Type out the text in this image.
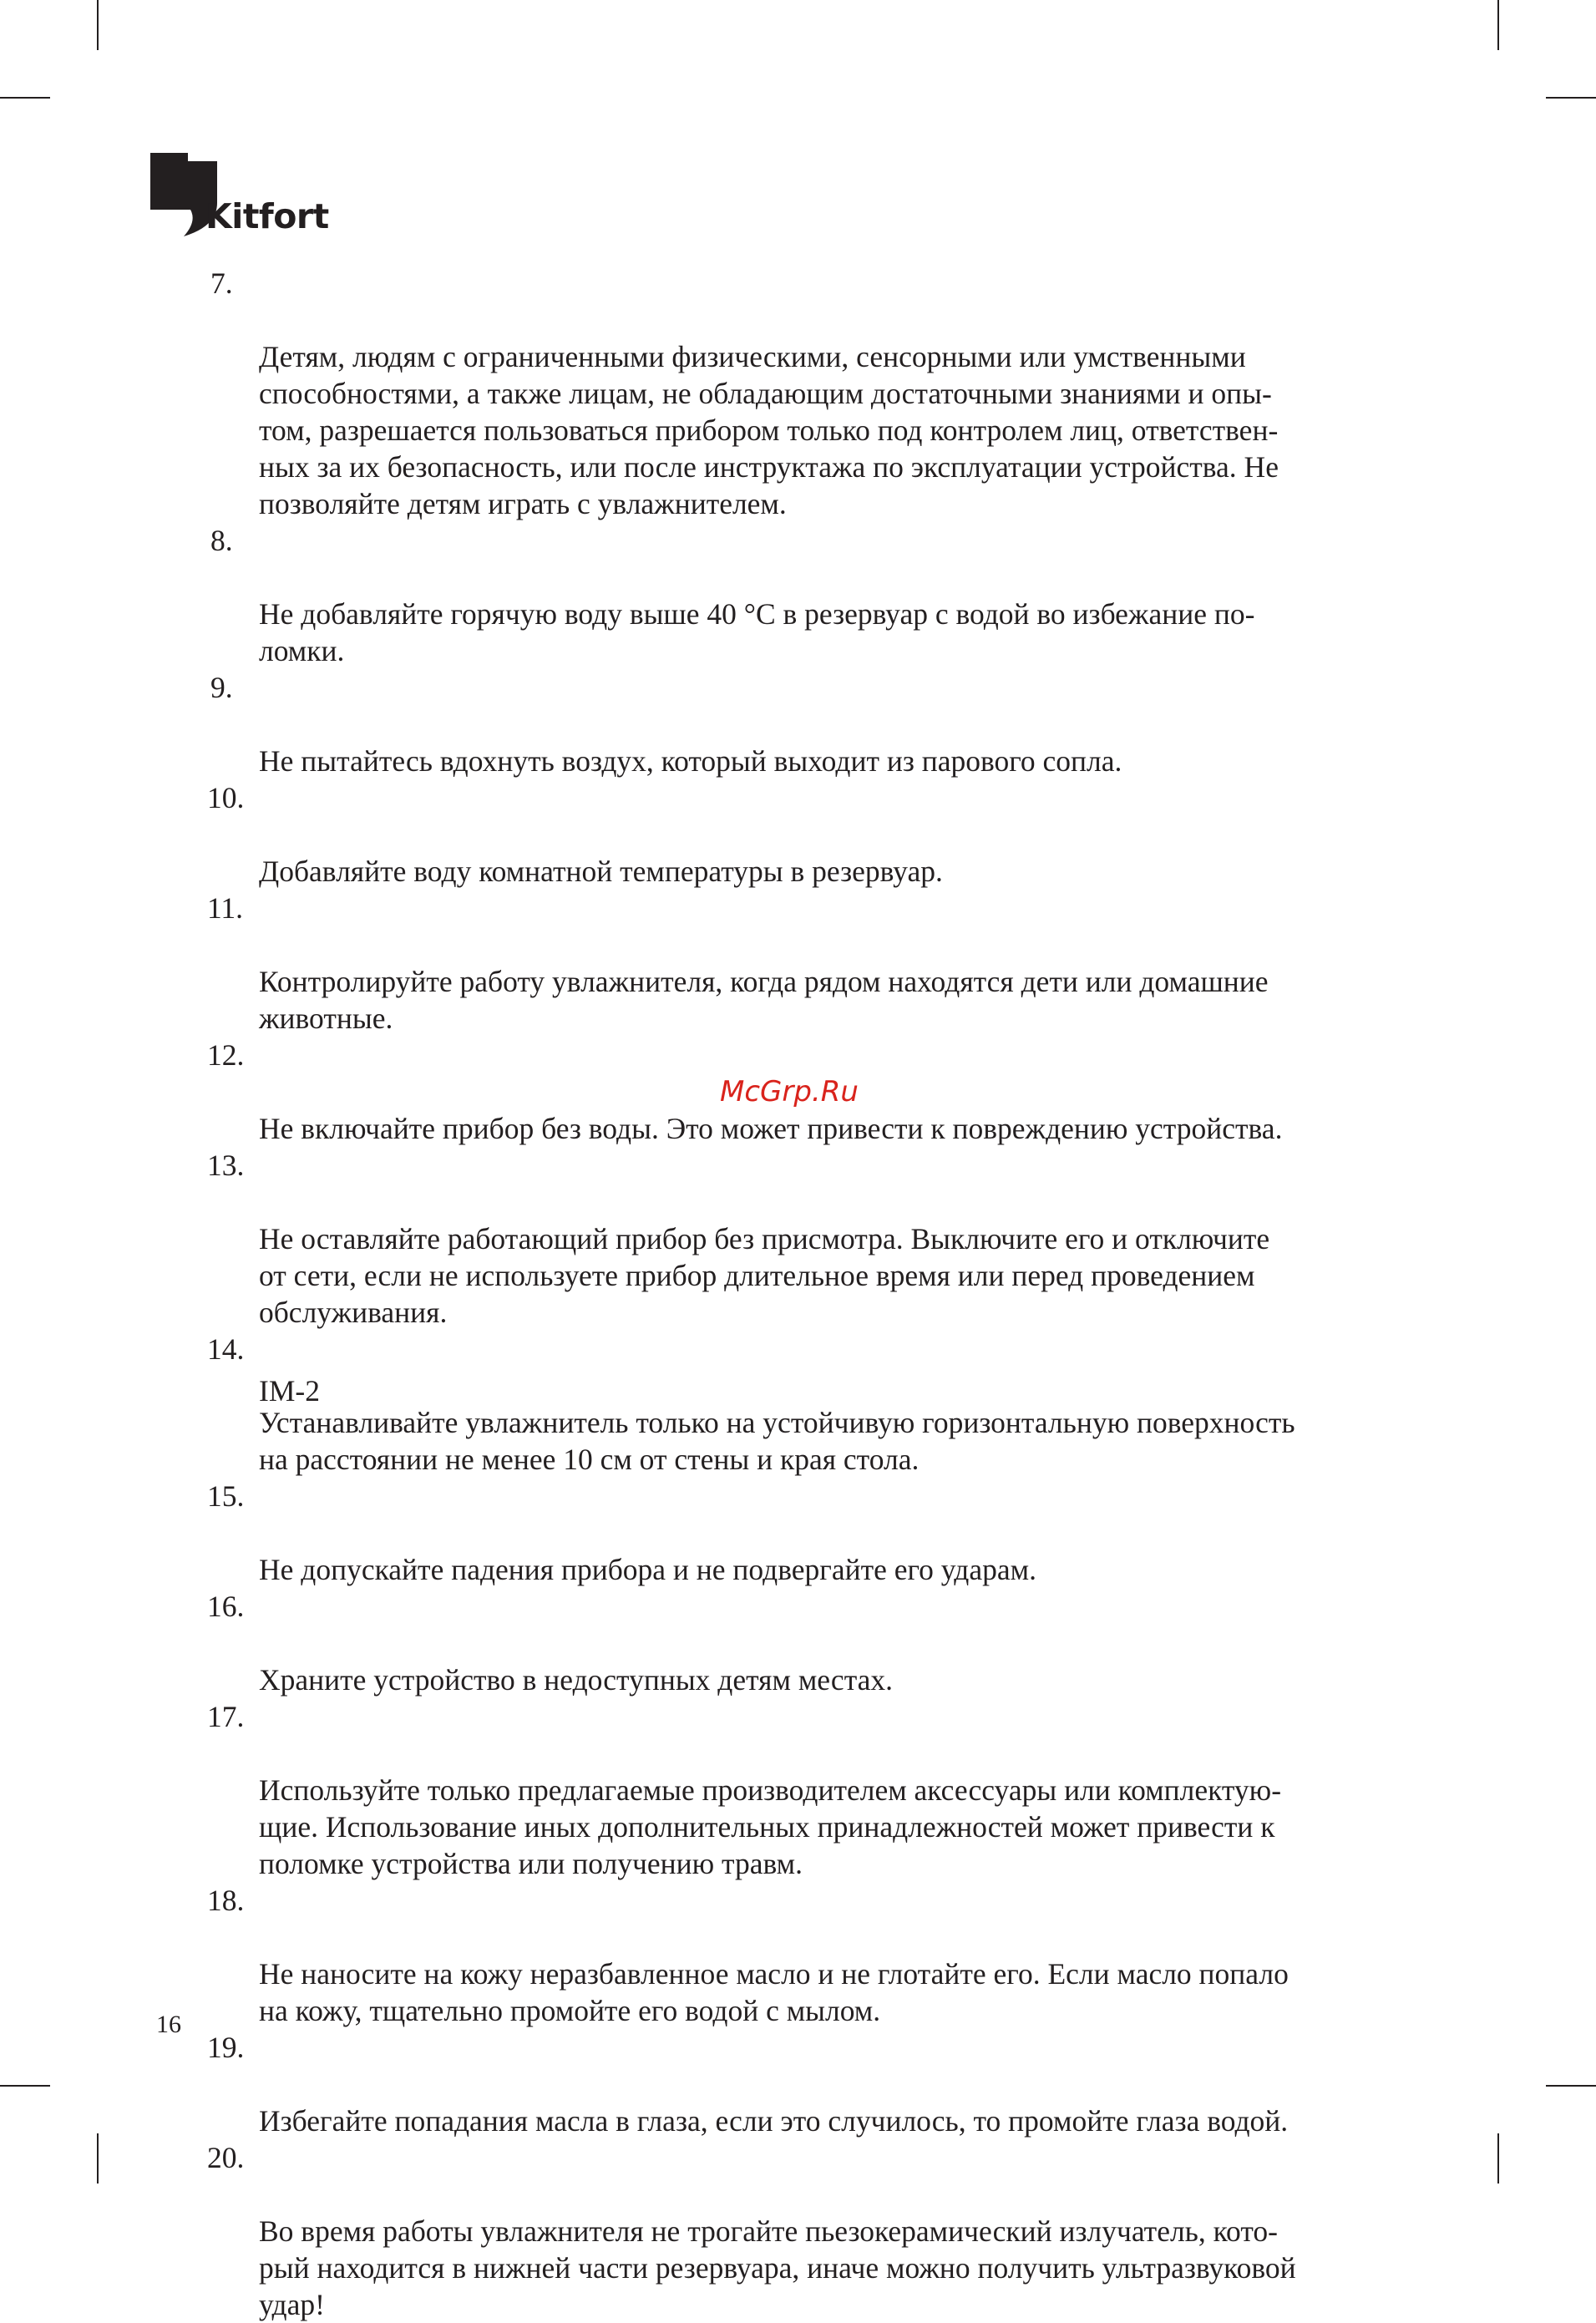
Kitfort

7.

Детям, людям с ограниченными физическими, сенсорными или умственными
способностями, а также лицам, не обладающим достаточными знаниями и опы-
том, разрешается пользоваться прибором только под контролем лиц, ответствен-
ных за их безопасность, или после инструктажа по эксплуатации устройства. Не
позволяйте детям играть с увлажнителем.

8.

Не добавляйте горячую воду выше 40 °С в резервуар с водой во избежание по-
ломки.

9.

Не пытайтесь вдохнуть воздух, который выходит из парового сопла.

10.

Добавляйте воду комнатной температуры в резервуар.

11.

Контролируйте работу увлажнителя, когда рядом находятся дети или домашние
животные.

12.

Не включайте прибор без воды. Это может привести к повреждению устройства.

13.

Не оставляйте работающий прибор без присмотра. Выключите его и отключите
от сети, если не используете прибор длительное время или перед проведением
обслуживания.

14.

Устанавливайте увлажнитель только на устойчивую горизонтальную поверхность
на расстоянии не менее 10 см от стены и края стола.

15.

Не допускайте падения прибора и не подвергайте его ударам.

16.

Храните устройство в недоступных детям местах.

17.

Используйте только предлагаемые производителем аксессуары или комплектую-
щие. Использование иных дополнительных принадлежностей может привести к
поломке устройства или получению травм.

18.

Не наносите на кожу неразбавленное масло и не глотайте его. Если масло попало
на кожу, тщательно промойте его водой с мылом.

19.

Избегайте попадания масла в глаза, если это случилось, то промойте глаза водой.

20.

Во время работы увлажнителя не трогайте пьезокерамический излучатель, кото-
рый находится в нижней части резервуара, иначе можно получить ультразвуковой
удар!

McGrp.Ru
IM-2
16
